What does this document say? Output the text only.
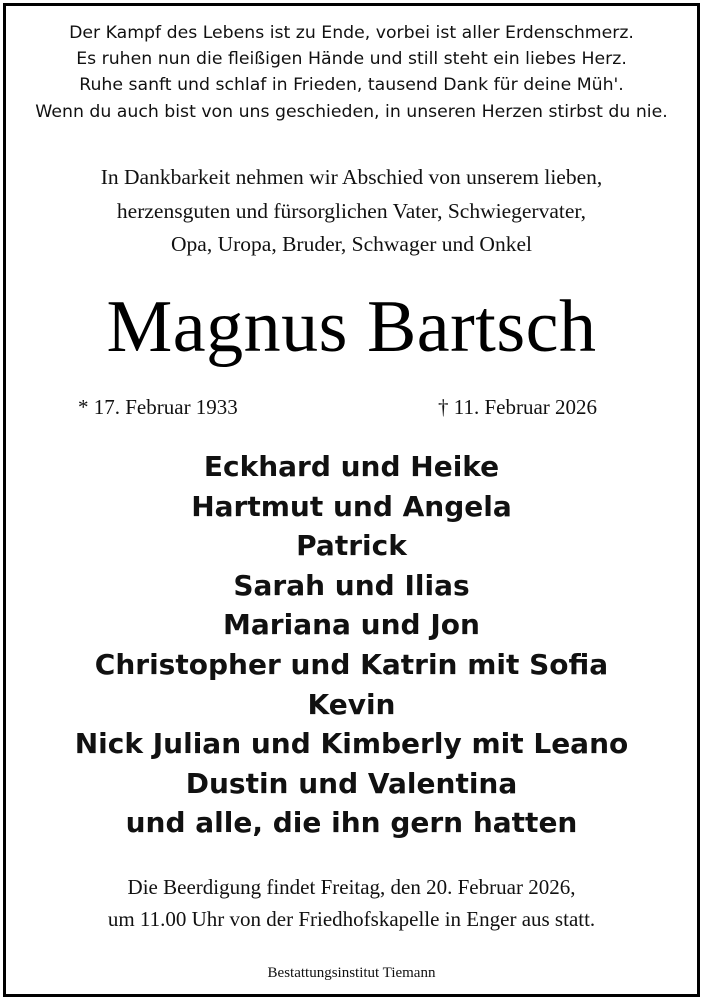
Der Kampf des Lebens ist zu Ende, vorbei ist aller Erdenschmerz.
Es ruhen nun die fleißigen Hände und still steht ein liebes Herz.
Ruhe sanft und schlaf in Frieden, tausend Dank für deine Müh'.
Wenn du auch bist von uns geschieden, in unseren Herzen stirbst du nie.
In Dankbarkeit nehmen wir Abschied von unserem lieben,
herzensguten und fürsorglichen Vater, Schwiegervater,
Opa, Uropa, Bruder, Schwager und Onkel
Magnus Bartsch
* 17. Februar 1933	† 11. Februar 2026
Eckhard und Heike
Hartmut und Angela
Patrick
Sarah und Ilias
Mariana und Jon
Christopher und Katrin mit Sofia
Kevin
Nick Julian und Kimberly mit Leano
Dustin und Valentina
und alle, die ihn gern hatten
Die Beerdigung findet Freitag, den 20. Februar 2026,
um 11.00 Uhr von der Friedhofskapelle in Enger aus statt.
Bestattungsinstitut Tiemann
